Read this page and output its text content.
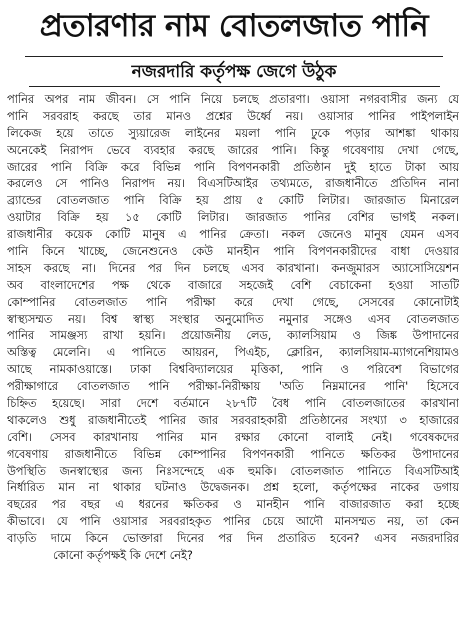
প্রতারণার নাম বোতলজাত পানি
নজরদারি কর্তৃপক্ষ জেগে উঠুক
পানির অপর নাম জীবন। সে পানি নিয়ে চলছে প্রতারণা। ওয়াসা নগরবাসীর জন্য যে
পানি সরবরাহ করছে তার মানও প্রশ্নের উর্ধ্বে নয়। ওয়াসার পানির পাইপলাইন
লিকেজ হয়ে তাতে স্যুয়ারেজ লাইনের ময়লা পানি ঢুকে পড়ার আশঙ্কা থাকায়
অনেকেই নিরাপদ ভেবে ব্যবহার করছে জারের পানি। কিন্তু গবেষণায় দেখা গেছে,
জারের পানি বিক্রি করে বিভিন্ন পানি বিপণনকারী প্রতিষ্ঠান দুই হাতে টাকা আয়
করলেও সে পানিও নিরাপদ নয়। বিএসটিআইর তথ্যমতে, রাজধানীতে প্রতিদিন নানা
ব্র্যান্ডের বোতলজাত পানি বিক্রি হয় প্রায় ৫ কোটি লিটার। জারজাত মিনারেল
ওয়াটার বিক্রি হয় ১৫ কোটি লিটার। জারজাত পানির বেশির ভাগই নকল।
রাজধানীর কয়েক কোটি মানুষ এ পানির ক্রেতা। নকল জেনেও মানুষ যেমন এসব
পানি কিনে খাচ্ছে, জেনেশুনেও কেউ মানহীন পানি বিপণনকারীদের বাধা দেওয়ার
সাহস করছে না। দিনের পর দিন চলছে এসব কারখানা। কনজুমারস অ্যাসোসিয়েশন
অব বাংলাদেশের পক্ষ থেকে বাজারে সহজেই বেশি বেচাকেনা হওয়া সাতটি
কোম্পানির বোতলজাত পানি পরীক্ষা করে দেখা গেছে, সেসবের কোনোটাই
স্বাস্থ্যসম্মত নয়। বিশ্ব স্বাস্থ্য সংস্থার অনুমোদিত নমুনার সঙ্গেও এসব বোতলজাত
পানির সামঞ্জস্য রাখা হয়নি। প্রয়োজনীয় লেড, ক্যালসিয়াম ও জিঙ্ক উপাদানের
অস্তিত্ব মেলেনি। এ পানিতে আয়রন, পিএইচ, ক্লোরিন, ক্যালসিয়াম-ম্যাগনেশিয়ামও
আছে নামকাওয়াস্তে। ঢাকা বিশ্ববিদ্যালয়ের মৃত্তিকা, পানি ও পরিবেশ বিভাগের
পরীক্ষাগারে বোতলজাত পানি পরীক্ষা-নিরীক্ষায় 'অতি নিম্নমানের পানি' হিসেবে
চিহ্নিত হয়েছে। সারা দেশে বর্তমানে ২৮৭টি বৈধ পানি বোতলজাতের কারখানা
থাকলেও শুধু রাজধানীতেই পানির জার সরবরাহকারী প্রতিষ্ঠানের সংখ্যা ৩ হাজারের
বেশি। সেসব কারখানায় পানির মান রক্ষার কোনো বালাই নেই। গবেষকদের
গবেষণায় রাজধানীতে বিভিন্ন কোম্পানির বিপণনকারী পানিতে ক্ষতিকর উপাদানের
উপস্থিতি জনস্বাস্থ্যের জন্য নিঃসন্দেহে এক হুমকি। বোতলজাত পানিতে বিএসটিআই
নির্ধারিত মান না থাকার ঘটনাও উদ্বেজনক। প্রশ্ন হলো, কর্তৃপক্ষের নাকের ডগায়
বছরের পর বছর এ ধরনের ক্ষতিকর ও মানহীন পানি বাজারজাত করা হচ্ছে
কীভাবে। যে পানি ওয়াসার সরবরাহকৃত পানির চেয়ে আদৌ মানসম্মত নয়, তা কেন
বাড়তি দামে কিনে ভোক্তারা দিনের পর দিন প্রতারিত হবেন? এসব নজরদারির
কোনো কর্তৃপক্ষই কি দেশে নেই?
